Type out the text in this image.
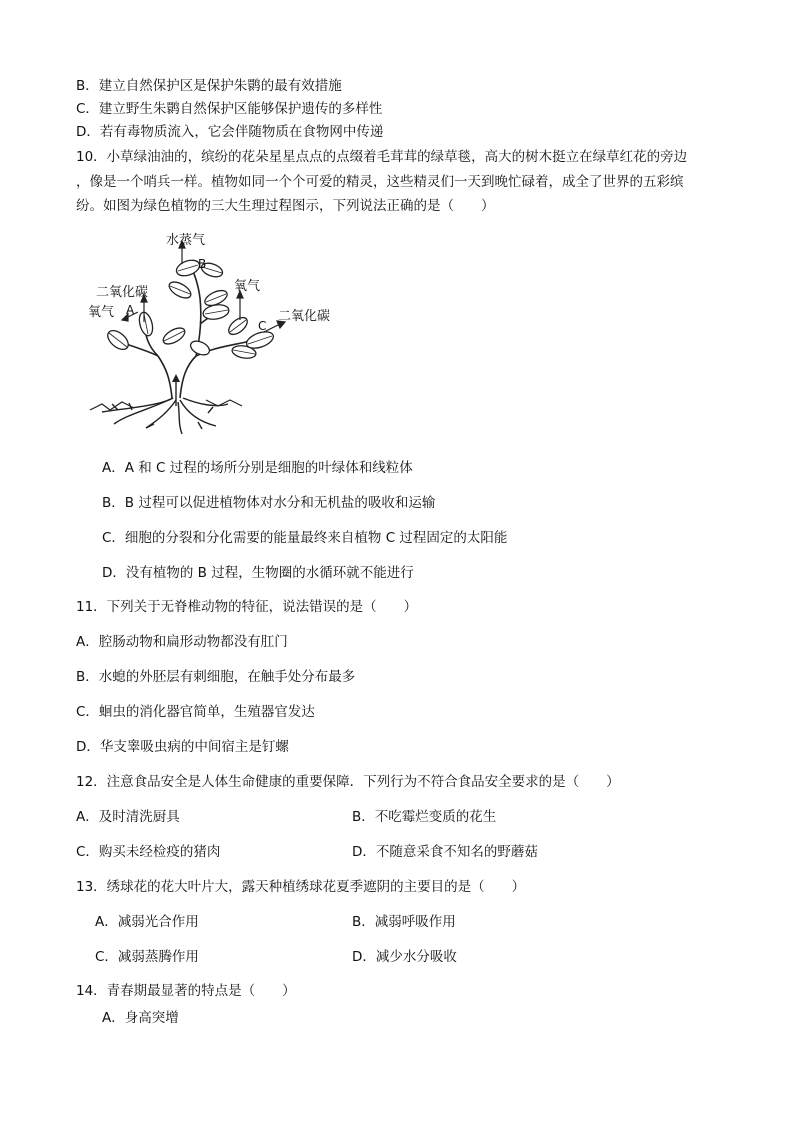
B．建立自然保护区是保护朱鹮的最有效措施
C．建立野生朱鹮自然保护区能够保护遗传的多样性
D．若有毒物质流入，它会伴随物质在食物网中传递
10．小草绿油油的，缤纷的花朵星星点点的点缀着毛茸茸的绿草毯，高大的树木挺立在绿草红花的旁边
，像是一个哨兵一样。植物如同一个个可爱的精灵，这些精灵们一天到晚忙碌着，成全了世界的五彩缤
纷。如图为绿色植物的三大生理过程图示，下列说法正确的是（　　）
水蒸气
B
二氧化碳
氧气 A
氧气
C
二氧化碳
A．A 和 C 过程的场所分别是细胞的叶绿体和线粒体
B．B 过程可以促进植物体对水分和无机盐的吸收和运输
C．细胞的分裂和分化需要的能量最终来自植物 C 过程固定的太阳能
D．没有植物的 B 过程，生物圈的水循环就不能进行
11．下列关于无脊椎动物的特征，说法错误的是（　　）
A．腔肠动物和扁形动物都没有肛门
B．水螅的外胚层有刺细胞，在触手处分布最多
C．蛔虫的消化器官简单，生殖器官发达
D．华支睾吸虫病的中间宿主是钉螺
12．注意食品安全是人体生命健康的重要保障．下列行为不符合食品安全要求的是（　　）
A．及时清洗厨具	B．不吃霉烂变质的花生
C．购买未经检疫的猪肉	D．不随意采食不知名的野蘑菇
13．绣球花的花大叶片大，露天种植绣球花夏季遮阴的主要目的是（　　）
A．减弱光合作用	B．减弱呼吸作用
C．减弱蒸腾作用	D．减少水分吸收
14．青春期最显著的特点是（　　）
A．身高突增
